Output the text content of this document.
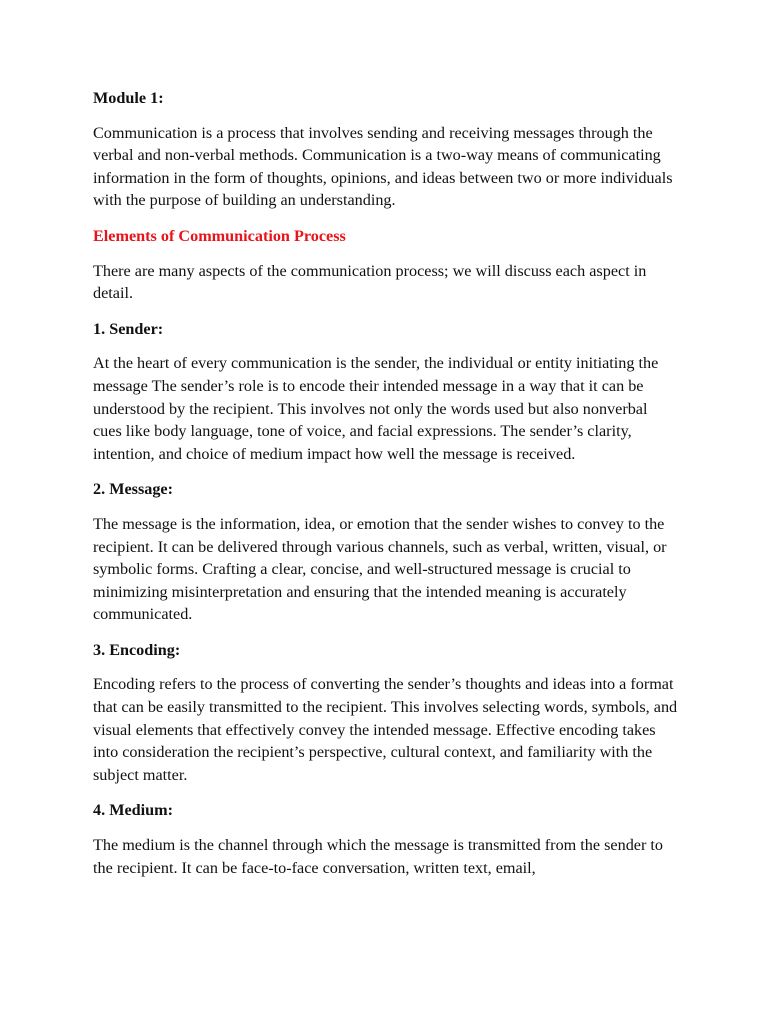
Module 1:

Communication is a process that involves sending and receiving messages through the verbal and non-verbal methods. Communication is a two-way means of communicating information in the form of thoughts, opinions, and ideas between two or more individuals with the purpose of building an understanding.

Elements of Communication Process

There are many aspects of the communication process; we will discuss each aspect in detail.

1. Sender:

At the heart of every communication is the sender, the individual or entity initiating the message The sender’s role is to encode their intended message in a way that it can be understood by the recipient. This involves not only the words used but also nonverbal cues like body language, tone of voice, and facial expressions. The sender’s clarity, intention, and choice of medium impact how well the message is received.

2. Message:

The message is the information, idea, or emotion that the sender wishes to convey to the recipient. It can be delivered through various channels, such as verbal, written, visual, or symbolic forms. Crafting a clear, concise, and well-structured message is crucial to minimizing misinterpretation and ensuring that the intended meaning is accurately communicated.

3. Encoding:

Encoding refers to the process of converting the sender’s thoughts and ideas into a format that can be easily transmitted to the recipient. This involves selecting words, symbols, and visual elements that effectively convey the intended message. Effective encoding takes into consideration the recipient’s perspective, cultural context, and familiarity with the subject matter.

4. Medium:

The medium is the channel through which the message is transmitted from the sender to the recipient. It can be face-to-face conversation, written text, email,
